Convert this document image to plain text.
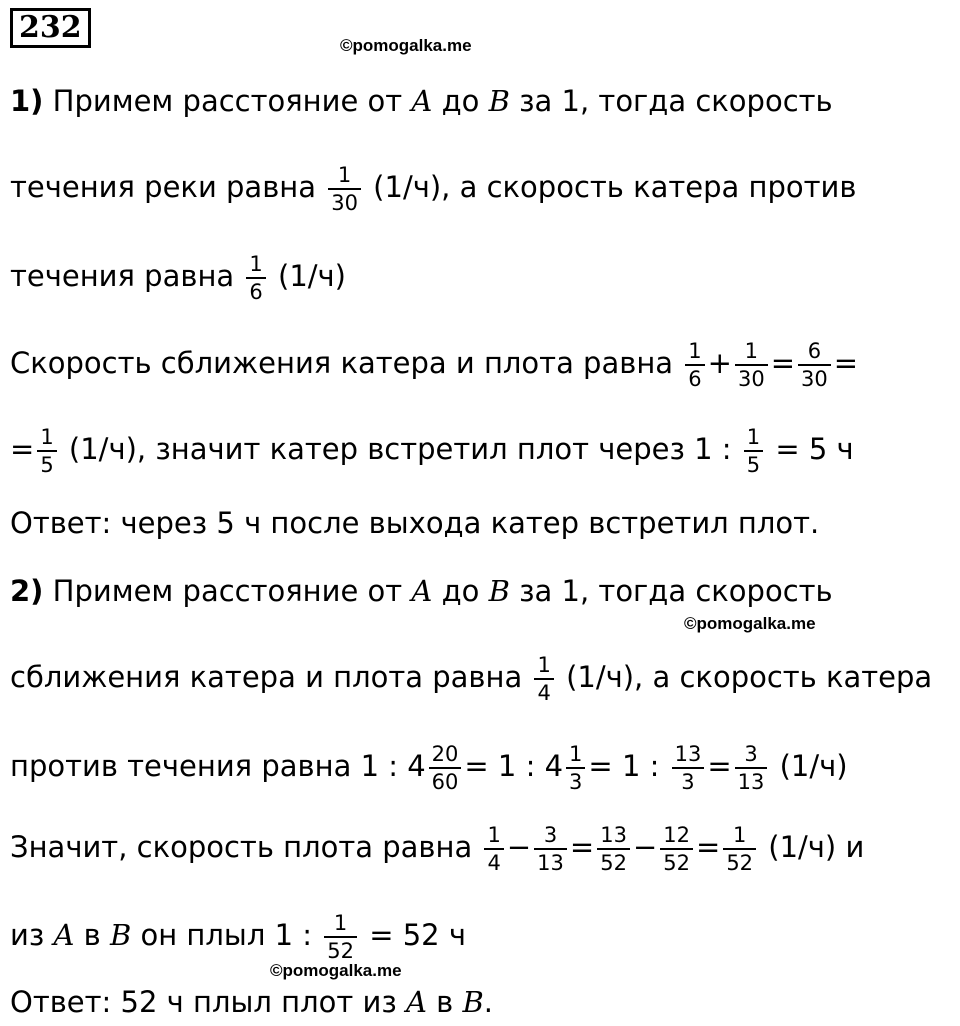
232
©pomogalka.me
©pomogalka.me
©pomogalka.me
1) Примем расстояние от A до B за 1, тогда скорость
течения реки равна $\frac{1}{30} (1/ч)$, а скорость катера против
течения равна $\frac{1}{6} (1/ч)$
Скорость сближения катера и плота равна $\frac{1}{6} + \frac{1}{30} = \frac{6}{30}$ =
= $\frac{1}{5} (1/ч)$, значит катер встретил плот через 1 : $\frac{1}{5} = 5$ ч
Ответ: через 5 ч после выхода катер встретил плот.
2) Примем расстояние от A до B за 1, тогда скорость
сближения катера и плота равна $\frac{1}{4} (1/ч)$, а скорость катера
против течения равна 1 : $4 \frac{20}{60} = 1$ : $4 \frac{1}{3} = 1$ : $\frac{13}{3} = \frac{3}{13} (1/ч)$
Значит, скорость плота равна $\frac{1}{4} - \frac{3}{13} = \frac{13}{52} - \frac{12}{52} = \frac{1}{52} (1/ч)$ и
из A в B он плыл 1 : $\frac{1}{52} = 52$ ч
Ответ: 52 ч плыл плот из A в B.
